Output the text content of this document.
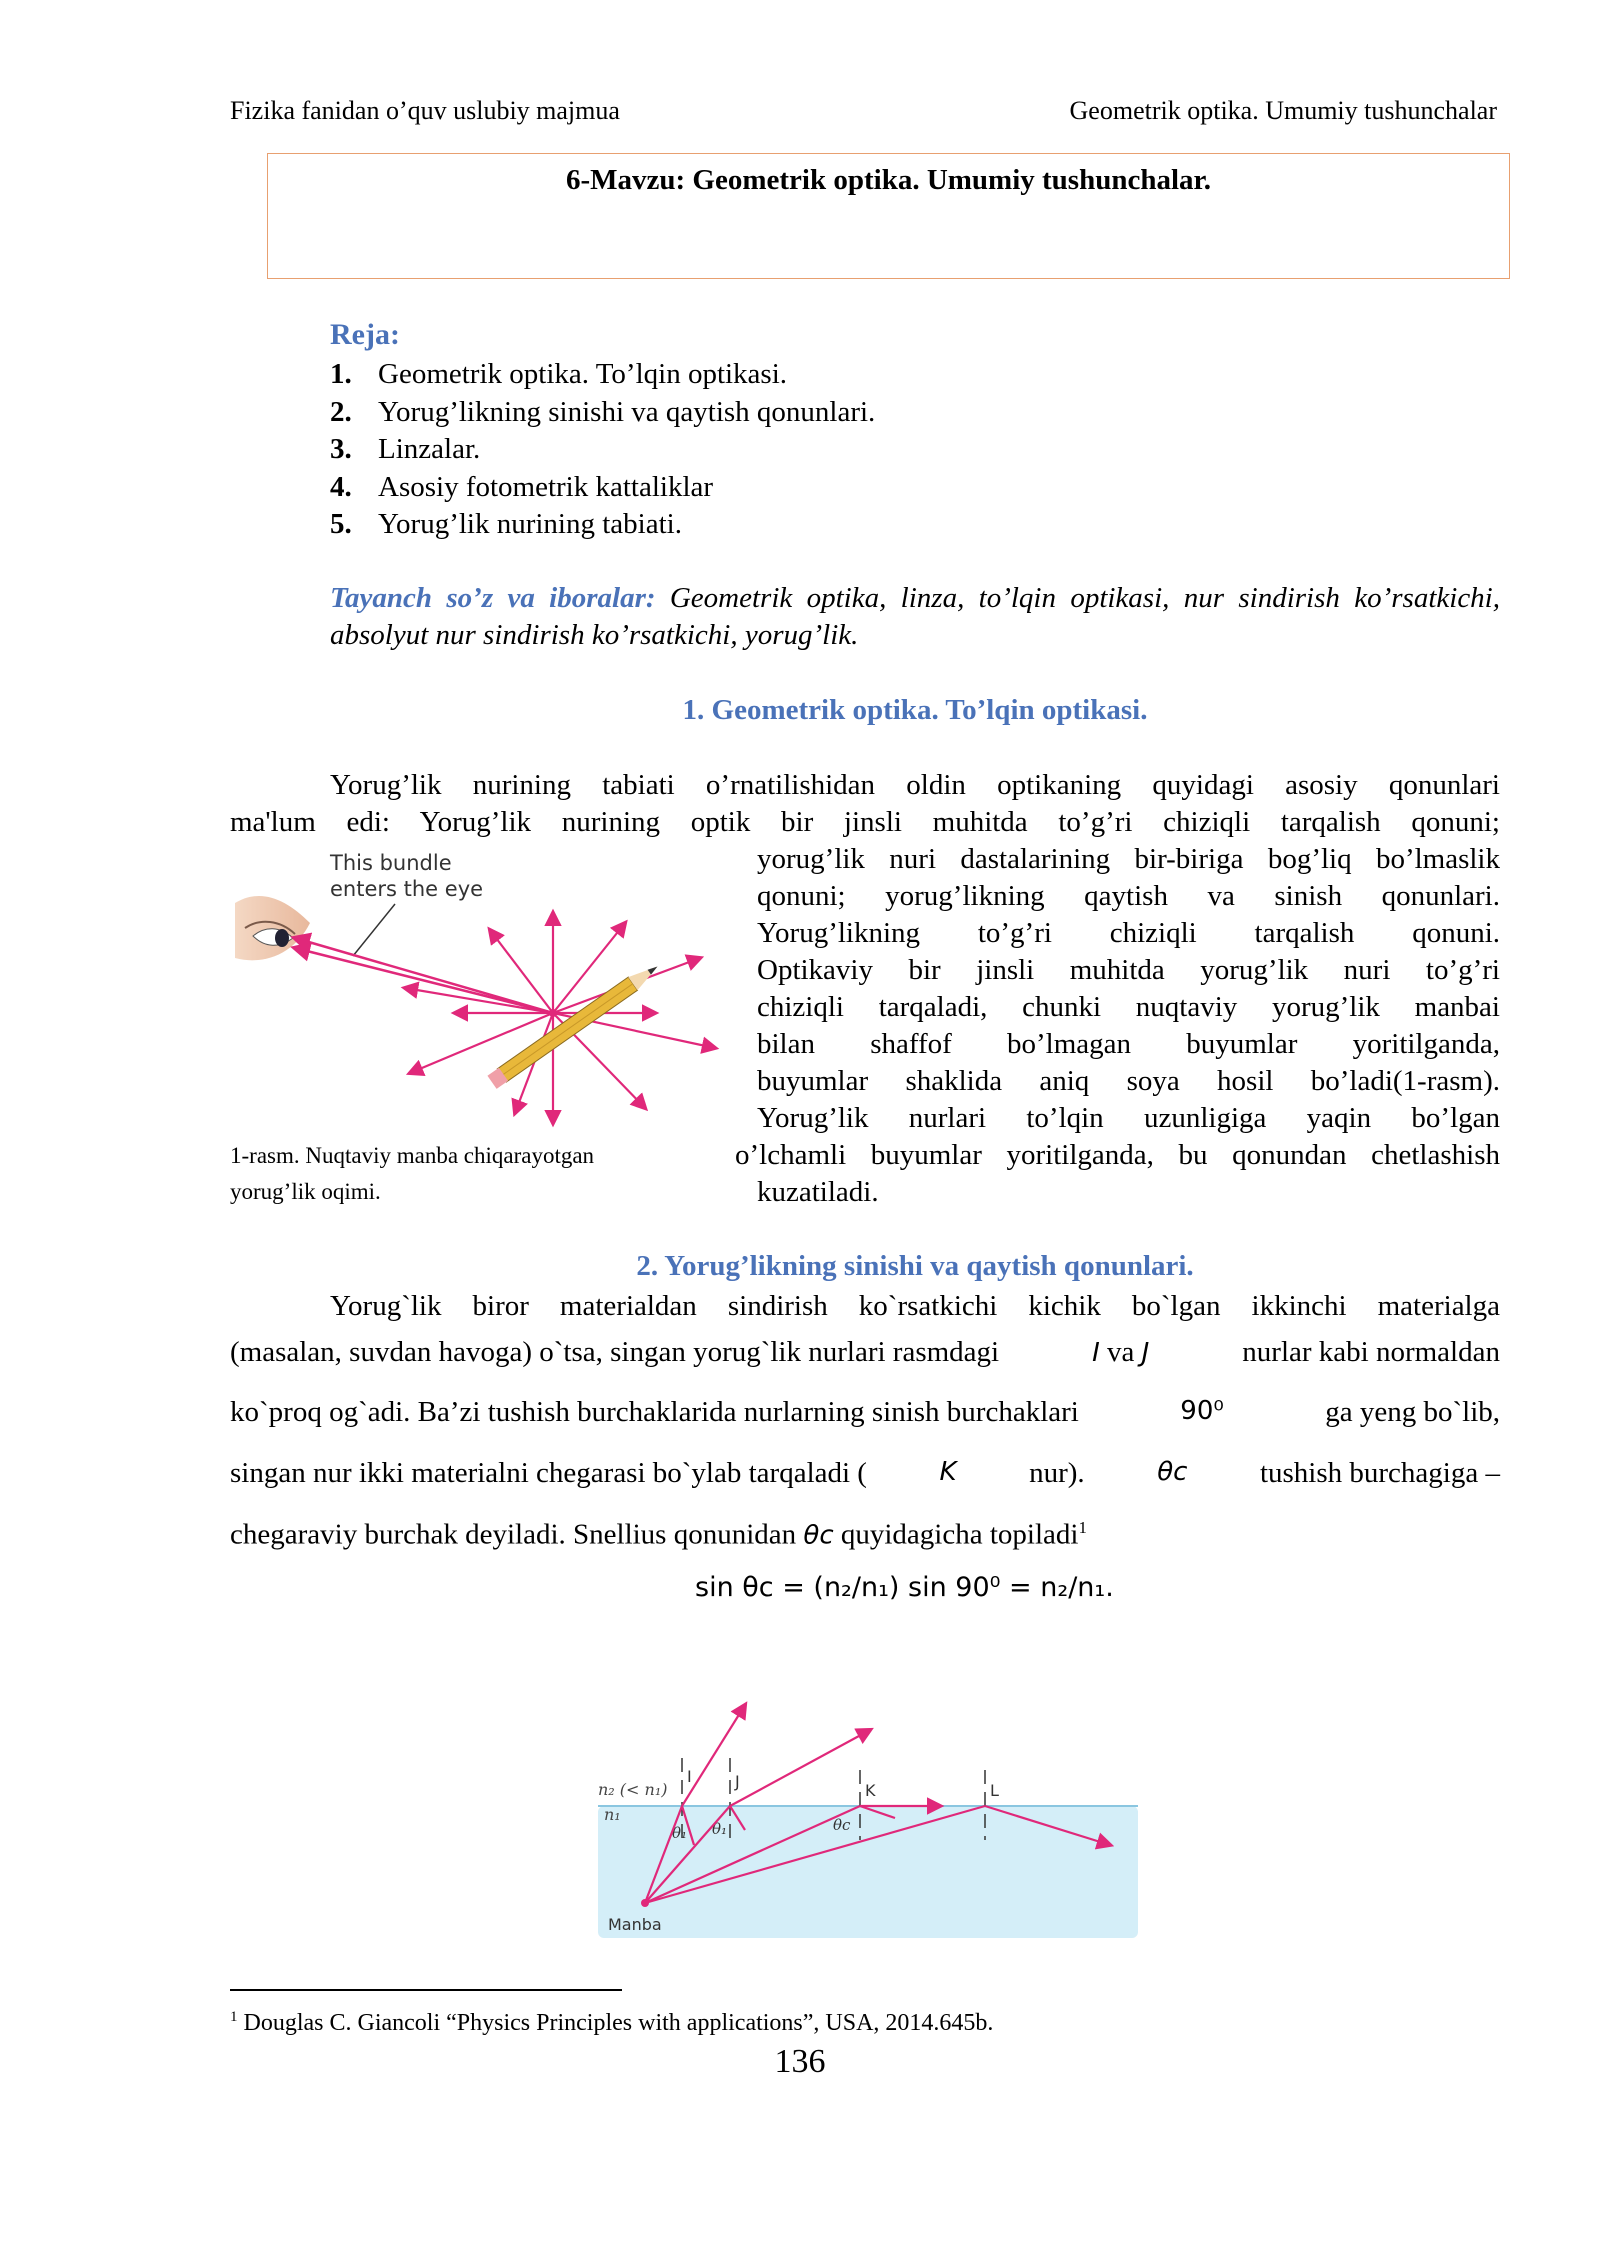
Fizika fanidan o’quv uslubiy majmua	Geometrik optika. Umumiy tushunchalar
6-Mavzu: Geometrik optika. Umumiy tushunchalar.
Reja:
1. Geometrik optika. To’lqin optikasi.
2. Yorug’likning sinishi va qaytish qonunlari.
3. Linzalar.
4. Asosiy fotometrik kattaliklar
5. Yorug’lik nurining tabiati.
Tayanch so’z va iboralar: Geometrik optika, linza, to’lqin optikasi, nur sindirish ko’rsatkichi, absolyut nur sindirish ko’rsatkichi, yorug’lik.
1. Geometrik optika. To’lqin optikasi.
Yorug’lik nurining tabiati o’rnatilishidan oldin optikaning quyidagi asosiy qonunlari
ma'lum edi: Yorug’lik nurining optik bir jinsli muhitda to’g’ri chiziqli tarqalish qonuni;
yorug’lik nuri dastalarining bir-biriga bog’liq bo’lmaslik
qonuni; yorug’likning qaytish va sinish qonunlari.
Yorug’likning to’g’ri chiziqli tarqalish qonuni.
Optikaviy bir jinsli muhitda yorug’lik nuri to’g’ri
chiziqli tarqaladi, chunki nuqtaviy yorug’lik manbai
bilan shaffof bo’lmagan buyumlar yoritilganda,
buyumlar shaklida aniq soya hosil bo’ladi(1-rasm).
Yorug’lik nurlari to’lqin uzunligiga yaqin bo’lgan
o’lchamli buyumlar yoritilganda, bu qonundan chetlashish
kuzatiladi.
This bundle
enters the eye
1-rasm. Nuqtaviy manba chiqarayotgan
yorug’lik oqimi.
2. Yorug’likning sinishi va qaytish qonunlari.
Yorug`lik biror materialdan sindirish ko`rsatkichi kichik bo`lgan ikkinchi materialga
(masalan, suvdan havoga) o`tsa, singan yorug`lik nurlari rasmdagi	I va J	nurlar kabi normaldan
ko`proq og`adi. Ba’zi tushish burchaklarida nurlarning sinish burchaklari	90⁰	ga yeng bo`lib,
singan nur ikki materialni chegarasi bo`ylab tarqaladi (	K	nur).	θc	tushish burchagiga –
chegaraviy burchak deyiladi. Snellius qonunidan θc quyidagicha topiladi$^1$
sin θc = (n₂/n₁) sin 90⁰ = n₂/n₁.
n₂ (< n₁)
n₁
I	J	K	L
θ₁ θ₁	θc
Manba
$^1$ Douglas C. Giancoli “Physics Principles with applications”, USA, 2014.645b.
136
